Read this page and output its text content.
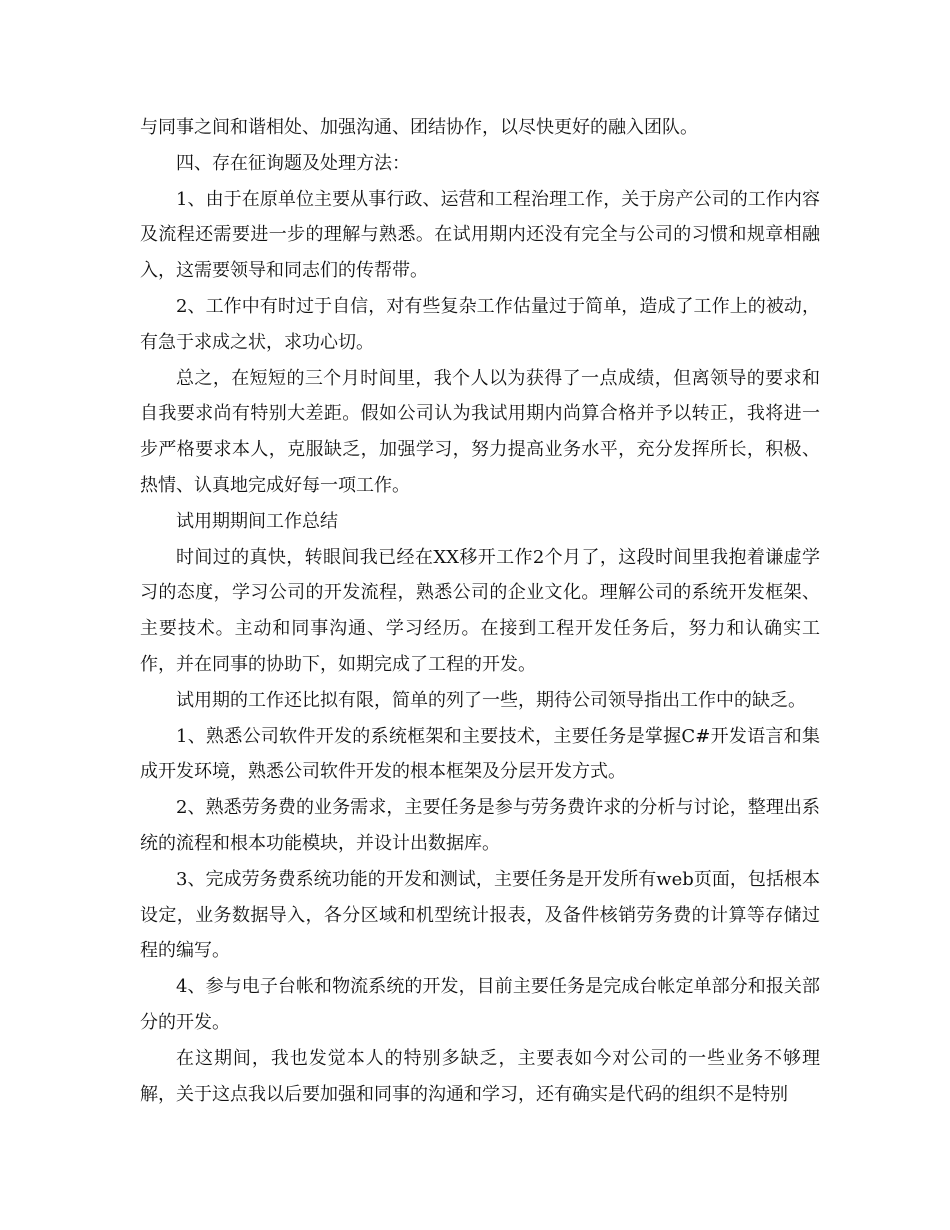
与同事之间和谐相处、加强沟通、团结协作，以尽快更好的融入团队。

四、存在征询题及处理方法：

1、由于在原单位主要从事行政、运营和工程治理工作，关于房产公司的工作内容及流程还需要进一步的理解与熟悉。在试用期内还没有完全与公司的习惯和规章相融入，这需要领导和同志们的传帮带。

2、工作中有时过于自信，对有些复杂工作估量过于简单，造成了工作上的被动，有急于求成之状，求功心切。

总之，在短短的三个月时间里，我个人以为获得了一点成绩，但离领导的要求和自我要求尚有特别大差距。假如公司认为我试用期内尚算合格并予以转正，我将进一步严格要求本人，克服缺乏，加强学习，努力提高业务水平，充分发挥所长，积极、热情、认真地完成好每一项工作。

试用期期间工作总结

时间过的真快，转眼间我已经在XX移开工作2个月了，这段时间里我抱着谦虚学习的态度，学习公司的开发流程，熟悉公司的企业文化。理解公司的系统开发框架、主要技术。主动和同事沟通、学习经历。在接到工程开发任务后，努力和认确实工作，并在同事的协助下，如期完成了工程的开发。

试用期的工作还比拟有限，简单的列了一些，期待公司领导指出工作中的缺乏。

1、熟悉公司软件开发的系统框架和主要技术，主要任务是掌握C#开发语言和集成开发环境，熟悉公司软件开发的根本框架及分层开发方式。

2、熟悉劳务费的业务需求，主要任务是参与劳务费许求的分析与讨论，整理出系统的流程和根本功能模块，并设计出数据库。

3、完成劳务费系统功能的开发和测试，主要任务是开发所有web页面，包括根本设定，业务数据导入，各分区域和机型统计报表，及备件核销劳务费的计算等存储过程的编写。

4、参与电子台帐和物流系统的开发，目前主要任务是完成台帐定单部分和报关部分的开发。

在这期间，我也发觉本人的特别多缺乏，主要表如今对公司的一些业务不够理解，关于这点我以后要加强和同事的沟通和学习，还有确实是代码的组织不是特别
